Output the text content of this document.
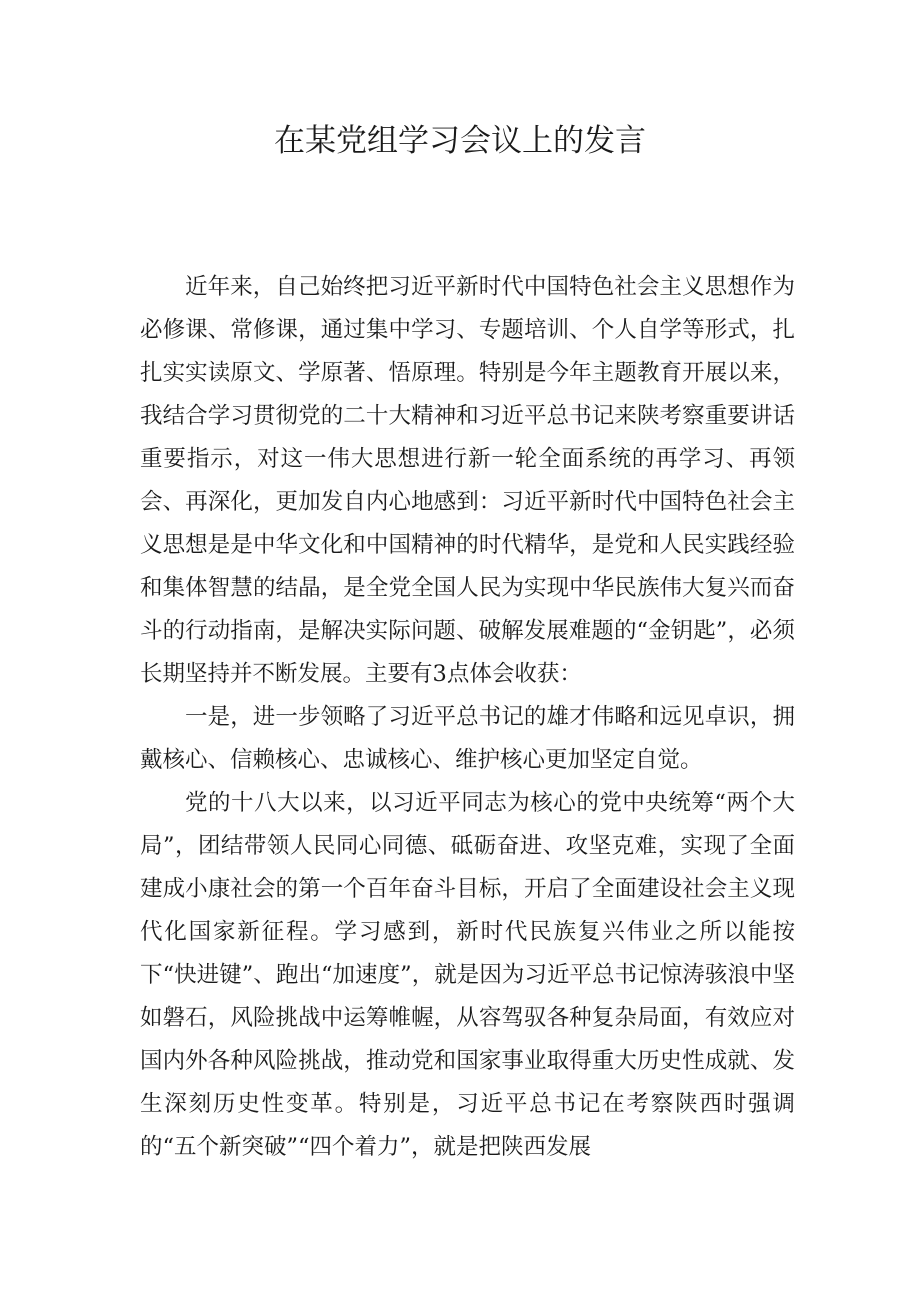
在某党组学习会议上的发言

近年来，自己始终把习近平新时代中国特色社会主义思想作为必修课、常修课，通过集中学习、专题培训、个人自学等形式，扎扎实实读原文、学原著、悟原理。特别是今年主题教育开展以来，我结合学习贯彻党的二十大精神和习近平总书记来陕考察重要讲话重要指示，对这一伟大思想进行新一轮全面系统的再学习、再领会、再深化，更加发自内心地感到：习近平新时代中国特色社会主义思想是是中华文化和中国精神的时代精华，是党和人民实践经验和集体智慧的结晶，是全党全国人民为实现中华民族伟大复兴而奋斗的行动指南，是解决实际问题、破解发展难题的“金钥匙”，必须长期坚持并不断发展。主要有3点体会收获：

一是，进一步领略了习近平总书记的雄才伟略和远见卓识，拥戴核心、信赖核心、忠诚核心、维护核心更加坚定自觉。

党的十八大以来，以习近平同志为核心的党中央统筹“两个大局”，团结带领人民同心同德、砥砺奋进、攻坚克难，实现了全面建成小康社会的第一个百年奋斗目标，开启了全面建设社会主义现代化国家新征程。学习感到，新时代民族复兴伟业之所以能按下“快进键”、跑出“加速度”，就是因为习近平总书记惊涛骇浪中坚如磐石，风险挑战中运筹帷幄，从容驾驭各种复杂局面，有效应对国内外各种风险挑战，推动党和国家事业取得重大历史性成就、发生深刻历史性变革。特别是，习近平总书记在考察陕西时强调的“五个新突破”“四个着力”，就是把陕西发展
